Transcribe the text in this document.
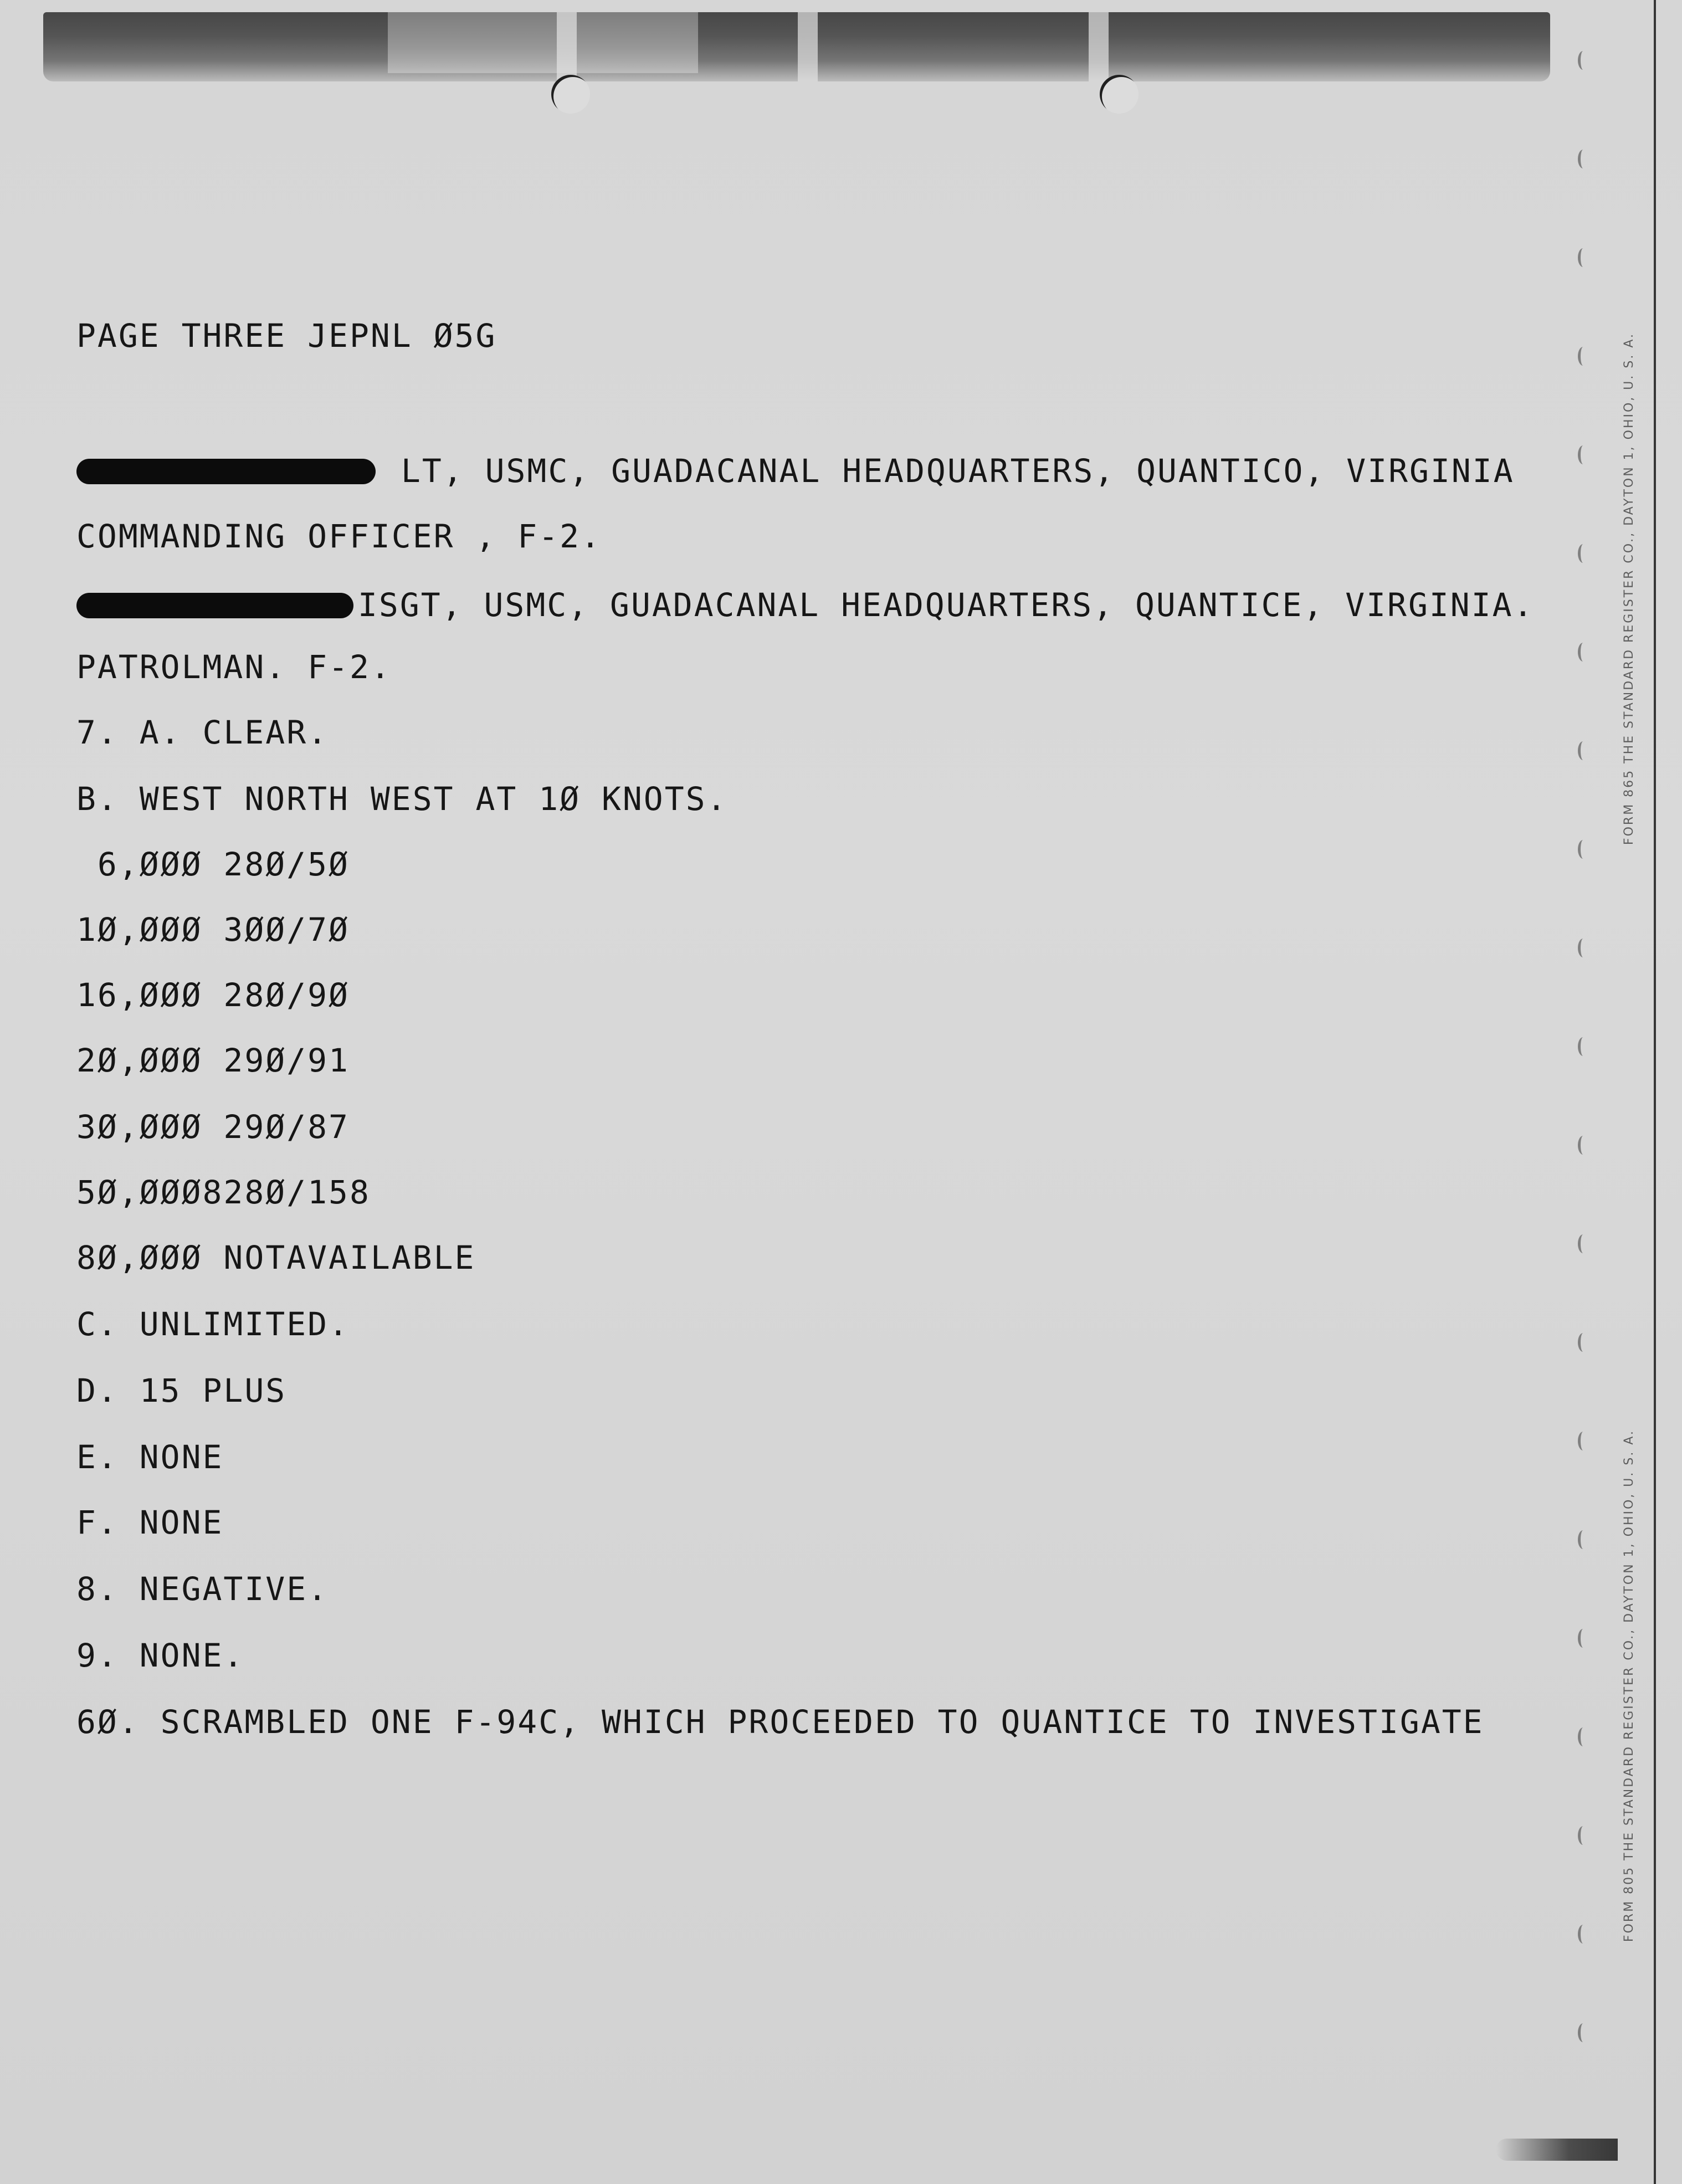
FORM 865 THE STANDARD REGISTER CO., DAYTON 1, OHIO, U. S. A.
FORM 805 THE STANDARD REGISTER CO., DAYTON 1, OHIO, U. S. A.
PAGE THREE JEPNL Ø5G
LT, USMC, GUADACANAL HEADQUARTERS, QUANTICO, VIRGINIA
COMMANDING OFFICER , F-2.
ISGT, USMC, GUADACANAL HEADQUARTERS, QUANTICE, VIRGINIA.
PATROLMAN. F-2.
7. A. CLEAR.
B. WEST NORTH WEST AT 1Ø KNOTS.
6,ØØØ 28Ø/5Ø
1Ø,ØØØ 3ØØ/7Ø
16,ØØØ 28Ø/9Ø
2Ø,ØØØ 29Ø/91
3Ø,ØØØ 29Ø/87
5Ø,ØØØ828Ø/158
8Ø,ØØØ NOTAVAILABLE
C. UNLIMITED.
D. 15 PLUS
E. NONE
F. NONE
8. NEGATIVE.
9. NONE.
6Ø. SCRAMBLED ONE F-94C, WHICH PROCEEDED TO QUANTICE TO INVESTIGATE
